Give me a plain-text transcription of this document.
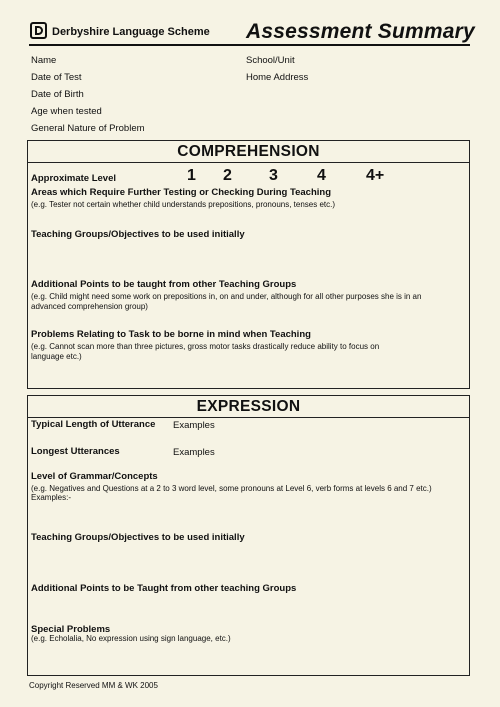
Derbyshire Language Scheme Assessment Summary
Name
Date of Test
Date of Birth
Age when tested
General Nature of Problem
School/Unit
Home Address
COMPREHENSION
Approximate Level	1 2 3 4	4+
Areas which Require Further Testing or Checking During Teaching
(e.g. Tester not certain whether child understands prepositions, pronouns, tenses etc.)
Teaching Groups/Objectives to be used initially
Additional Points to be taught from other Teaching Groups
(e.g. Child might need some work on prepositions in, on and under, although for all other purposes she is in an
advanced comprehension group)
Problems Relating to Task to be borne in mind when Teaching
(e.g. Cannot scan more than three pictures, gross motor tasks drastically reduce ability to focus on
language etc.)
EXPRESSION
Typical Length of Utterance Examples
Longest Utterances	Examples
Level of Grammar/Concepts
(e.g. Negatives and Questions at a 2 to 3 word level, some pronouns at Level 6, verb forms at levels 6 and 7 etc.)
Examples:-
Teaching Groups/Objectives to be used initially
Additional Points to be Taught from other teaching Groups
Special Problems
(e.g. Echolalia, No expression using sign language, etc.)
Copyright Reserved MM & WK 2005
